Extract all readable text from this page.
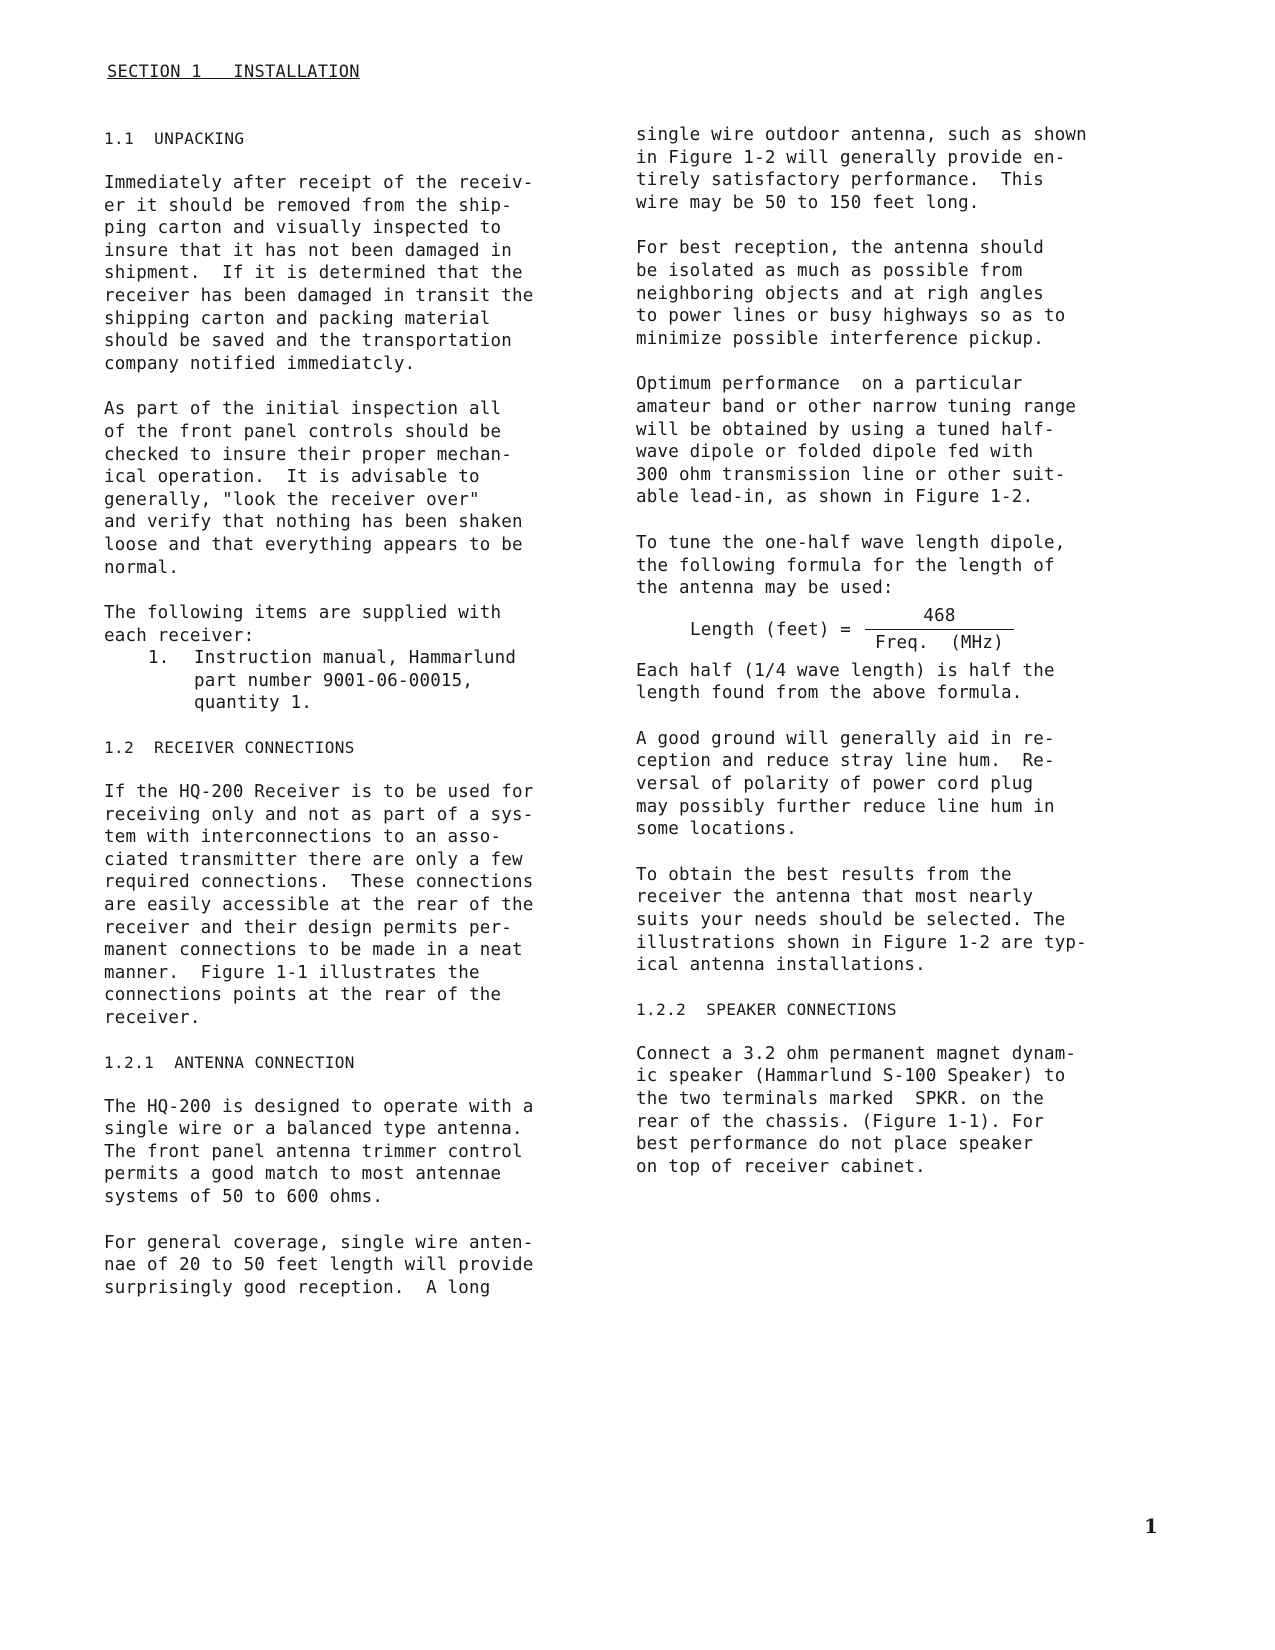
SECTION 1   INSTALLATION
1.1  UNPACKING

Immediately after receipt of the receiv-
er it should be removed from the ship-
ping carton and visually inspected to
insure that it has not been damaged in
shipment.  If it is determined that the
receiver has been damaged in transit the
shipping carton and packing material
should be saved and the transportation
company notified immediatcly.

As part of the initial inspection all
of the front panel controls should be
checked to insure their proper mechan-
ical operation.  It is advisable to
generally, "look the receiver over"
and verify that nothing has been shaken
loose and that everything appears to be
normal.

The following items are supplied with
each receiver:

1.	Instruction manual, Hammarlund
part number 9001-06-00015,
quantity 1.
1.2  RECEIVER CONNECTIONS

If the HQ-200 Receiver is to be used for
receiving only and not as part of a sys-
tem with interconnections to an asso-
ciated transmitter there are only a few
required connections.  These connections
are easily accessible at the rear of the
receiver and their design permits per-
manent connections to be made in a neat
manner.  Figure 1-1 illustrates the
connections points at the rear of the
receiver.

1.2.1  ANTENNA CONNECTION

The HQ-200 is designed to operate with a
single wire or a balanced type antenna.
The front panel antenna trimmer control
permits a good match to most antennae
systems of 50 to 600 ohms.

For general coverage, single wire anten-
nae of 20 to 50 feet length will provide
surprisingly good reception.  A long

single wire outdoor antenna, such as shown
in Figure 1-2 will generally provide en-
tirely satisfactory performance.  This
wire may be 50 to 150 feet long.

For best reception, the antenna should
be isolated as much as possible from
neighboring objects and at righ angles
to power lines or busy highways so as to
minimize possible interference pickup.

Optimum performance  on a particular
amateur band or other narrow tuning range
will be obtained by using a tuned half-
wave dipole or folded dipole fed with
300 ohm transmission line or other suit-
able lead-in, as shown in Figure 1-2.

To tune the one-half wave length dipole,
the following formula for the length of
the antenna may be used:

Length (feet) = $\frac{468}{\text{Freq.  (MHz)}}$

Each half (1/4 wave length) is half the
length found from the above formula.

A good ground will generally aid in re-
ception and reduce stray line hum.  Re-
versal of polarity of power cord plug
may possibly further reduce line hum in
some locations.

To obtain the best results from the
receiver the antenna that most nearly
suits your needs should be selected. The
illustrations shown in Figure 1-2 are typ-
ical antenna installations.

1.2.2  SPEAKER CONNECTIONS

Connect a 3.2 ohm permanent magnet dynam-
ic speaker (Hammarlund S-100 Speaker) to
the two terminals marked  SPKR. on the
rear of the chassis. (Figure 1-1). For
best performance do not place speaker
on top of receiver cabinet.

1
